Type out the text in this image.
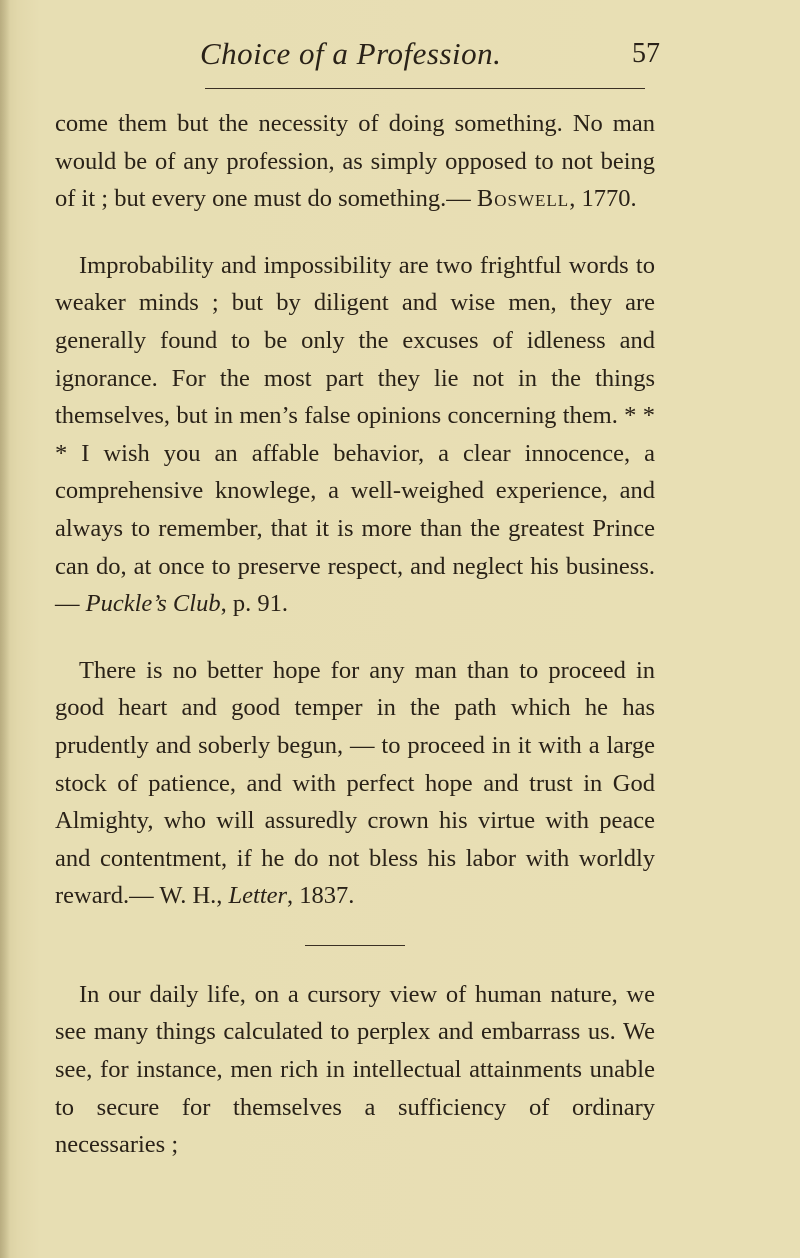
Choice of a Profession.	57

come them but the necessity of doing something. No man would be of any profession, as simply opposed to not being of it ; but every one must do something.— Boswell, 1770.

Improbability and impossibility are two frightful words to weaker minds ; but by diligent and wise men, they are generally found to be only the excuses of idleness and ignorance. For the most part they lie not in the things themselves, but in men’s false opinions concerning them. * * * I wish you an affable behavior, a clear innocence, a comprehensive knowlege, a well-weighed experience, and always to remember, that it is more than the greatest Prince can do, at once to preserve respect, and neglect his business.— Puckle’s Club, p. 91.

There is no better hope for any man than to proceed in good heart and good temper in the path which he has prudently and soberly begun, — to proceed in it with a large stock of patience, and with perfect hope and trust in God Almighty, who will assuredly crown his virtue with peace and contentment, if he do not bless his labor with worldly reward.— W. H., Letter, 1837.

In our daily life, on a cursory view of human nature, we see many things calculated to perplex and embarrass us. We see, for instance, men rich in intellectual attainments unable to secure for themselves a sufficiency of ordinary necessaries ;
